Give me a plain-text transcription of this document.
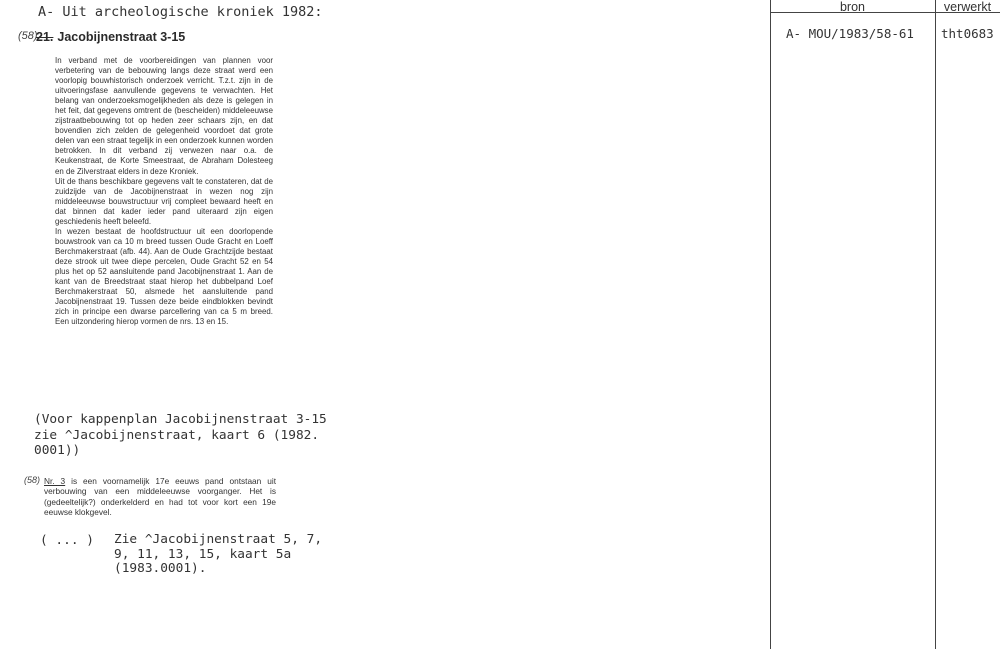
bron	verwerkt
A- Uit archeologische kroniek 1982:
(58)
21. Jacobijnenstraat 3-15

In verband met de voorbereidingen van plannen voor verbetering van de bebouwing langs deze straat werd een voorlopig bouwhistorisch onderzoek verricht. T.z.t. zijn in de uitvoeringsfase aanvullende gegevens te verwachten. Het belang van onderzoeksmogelijkheden als deze is gelegen in het feit, dat gegevens omtrent de (bescheiden) middeleeuwse zijstraatbebouwing tot op heden zeer schaars zijn, en dat bovendien zich zelden de gelegenheid voordoet dat grote delen van een straat tegelijk in een onderzoek kunnen worden betrokken. In dit verband zij verwezen naar o.a. de Keukenstraat, de Korte Smeestraat, de Abraham Dolesteeg en de Zilverstraat elders in deze Kroniek.

Uit de thans beschikbare gegevens valt te constateren, dat de zuidzijde van de Jacobijnenstraat in wezen nog zijn middeleeuwse bouwstructuur vrij compleet bewaard heeft en dat binnen dat kader ieder pand uiteraard zijn eigen geschiedenis heeft beleefd.

In wezen bestaat de hoofdstructuur uit een doorlopende bouwstrook van ca 10 m breed tussen Oude Gracht en Loeff Berchmakerstraat (afb. 44). Aan de Oude Grachtzijde bestaat deze strook uit twee diepe percelen, Oude Gracht 52 en 54 plus het op 52 aansluitende pand Jacobijnenstraat 1. Aan de kant van de Breedstraat staat hierop het dubbelpand Loef Berchmakerstraat 50, alsmede het aansluitende pand Jacobijnenstraat 19. Tussen deze beide eindblokken bevindt zich in principe een dwarse parcellering van ca 5 m breed. Een uitzondering hierop vormen de nrs. 13 en 15.

(Voor kappenplan Jacobijnenstraat 3-15
zie ^Jacobijnenstraat, kaart 6 (1982.
0001))
(58) Nr. 3 is een voornamelijk 17e eeuws pand ontstaan uit verbouwing van een middeleeuwse voorganger. Het is (gedeeltelijk?) onderkelderd en had tot voor kort een 19e eeuwse klokgevel.

( ... ) Zie ^Jacobijnenstraat 5, 7,
9, 11, 13, 15, kaart 5a
(1983.0001).
A- MOU/1983/58-61 tht0683
